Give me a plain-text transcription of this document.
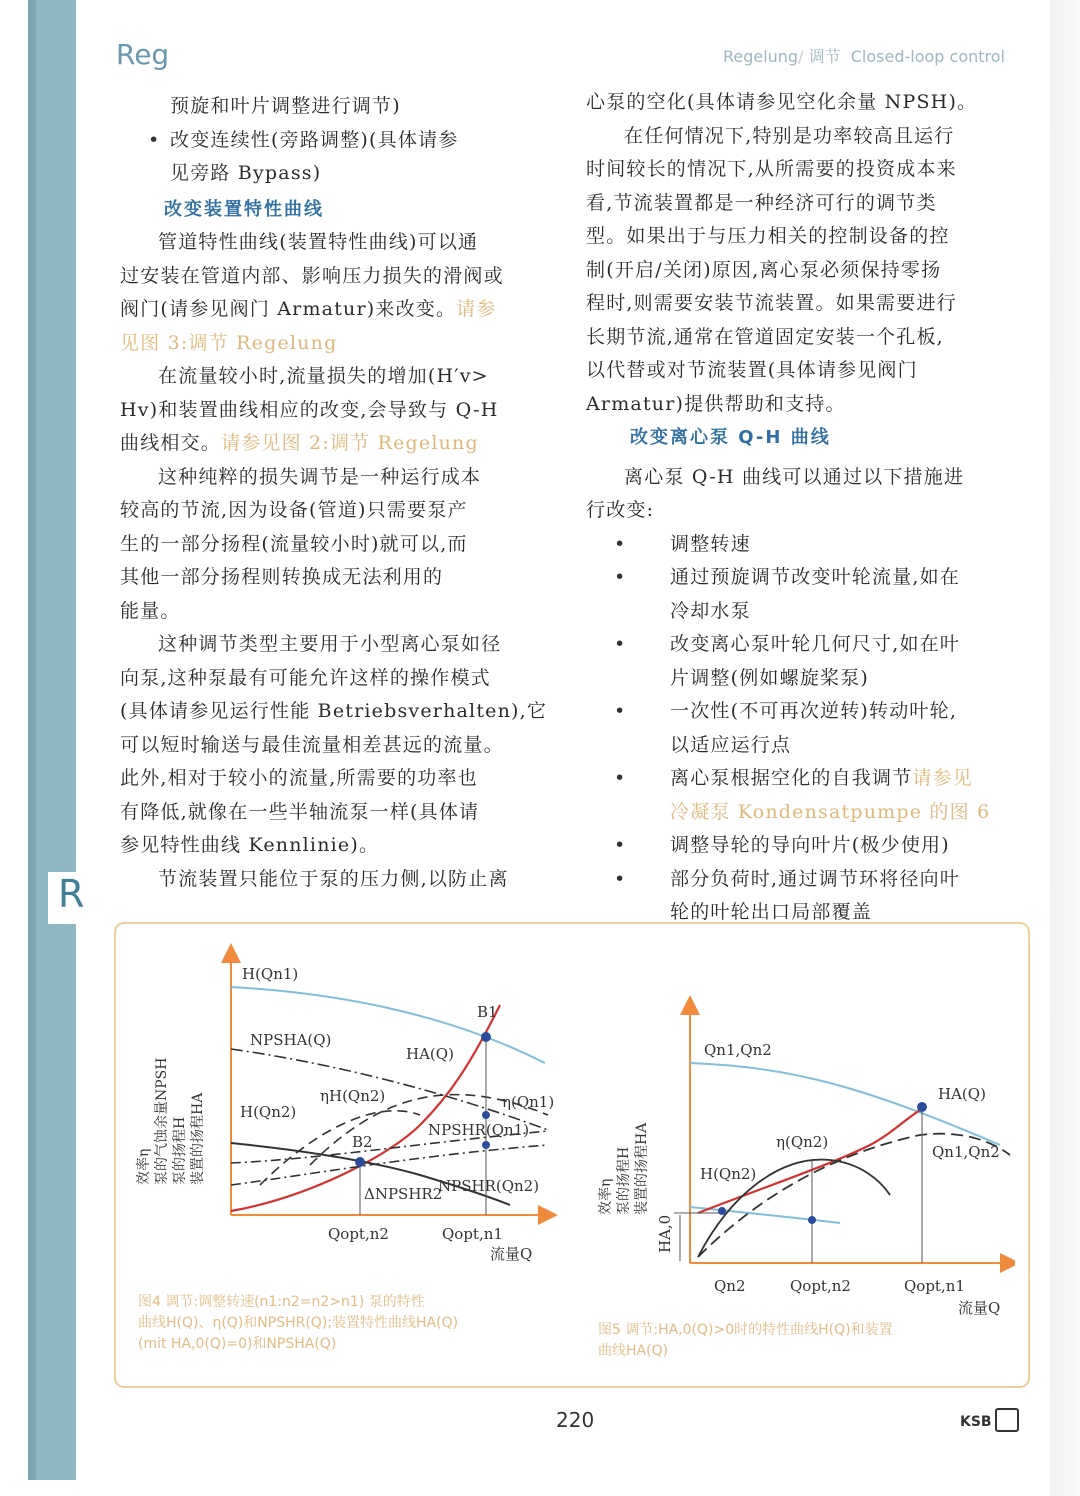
R
Reg	Regelung/ 调节 Closed-loop control

预旋和叶片调整进行调节)

• 改变连续性(旁路调整)(具体请参

见旁路 Bypass)

改变装置特性曲线

管道特性曲线(装置特性曲线)可以通

过安装在管道内部、影响压力损失的滑阀或

阀门(请参见阀门 Armatur)来改变。请参

见图 3:调节 Regelung

在流量较小时,流量损失的增加(H′v>

Hv)和装置曲线相应的改变,会导致与 Q-H

曲线相交。请参见图 2:调节 Regelung

这种纯粹的损失调节是一种运行成本

较高的节流,因为设备(管道)只需要泵产

生的一部分扬程(流量较小时)就可以,而

其他一部分扬程则转换成无法利用的

能量。

这种调节类型主要用于小型离心泵如径

向泵,这种泵最有可能允许这样的操作模式

(具体请参见运行性能 Betriebsverhalten),它

可以短时输送与最佳流量相差甚远的流量。

此外,相对于较小的流量,所需要的功率也

有降低,就像在一些半轴流泵一样(具体请

参见特性曲线 Kennlinie)。

节流装置只能位于泵的压力侧,以防止离

心泵的空化(具体请参见空化余量 NPSH)。

在任何情况下,特别是功率较高且运行

时间较长的情况下,从所需要的投资成本来

看,节流装置都是一种经济可行的调节类

型。如果出于与压力相关的控制设备的控

制(开启/关闭)原因,离心泵必须保持零扬

程时,则需要安装节流装置。如果需要进行

长期节流,通常在管道固定安装一个孔板,

以代替或对节流装置(具体请参见阀门

Armatur)提供帮助和支持。

改变离心泵 Q-H 曲线

离心泵 Q-H 曲线可以通过以下措施进

行改变:

• 调整转速

• 通过预旋调节改变叶轮流量,如在

冷却水泵

• 改变离心泵叶轮几何尺寸,如在叶

片调整(例如螺旋桨泵)

• 一次性(不可再次逆转)转动叶轮,

以适应运行点

• 离心泵根据空化的自我调节请参见

冷凝泵 Kondensatpumpe 的图 6

• 调整导轮的导向叶片(极少使用)

• 部分负荷时,通过调节环将径向叶

轮的叶轮出口局部覆盖

效率η 泵的气蚀余量NPSH 泵的扬程H 装置的扬程HA
H(Qn1)
B1
NPSHA(Q)
HA(Q)
ηH(Qn2)	η(Qn1)
H(Qn2)
NPSHR(Qn1)
B2
NPSHR(Qn2)
ΔNPSHR2
Qopt,n2	Qopt,n1
流量Q
效率η 泵的扬程H 装置的扬程HA
Qn1,Qn2
HA(Q)
η(Qn2)
Qn1,Qn2
H(Qn2)
HA,0
Qn2	Qopt,n2	Qopt,n1
流量Q
图4 调节:调整转速(n1:n2=n2>n1) 泵的特性
曲线H(Q)、η(Q)和NPSHR(Q);装置特性曲线HA(Q)
(mit HA,0(Q)=0)和NPSHA(Q)
图5 调节:HA,0(Q)>0时的特性曲线H(Q)和装置
曲线HA(Q)
220	KSB
